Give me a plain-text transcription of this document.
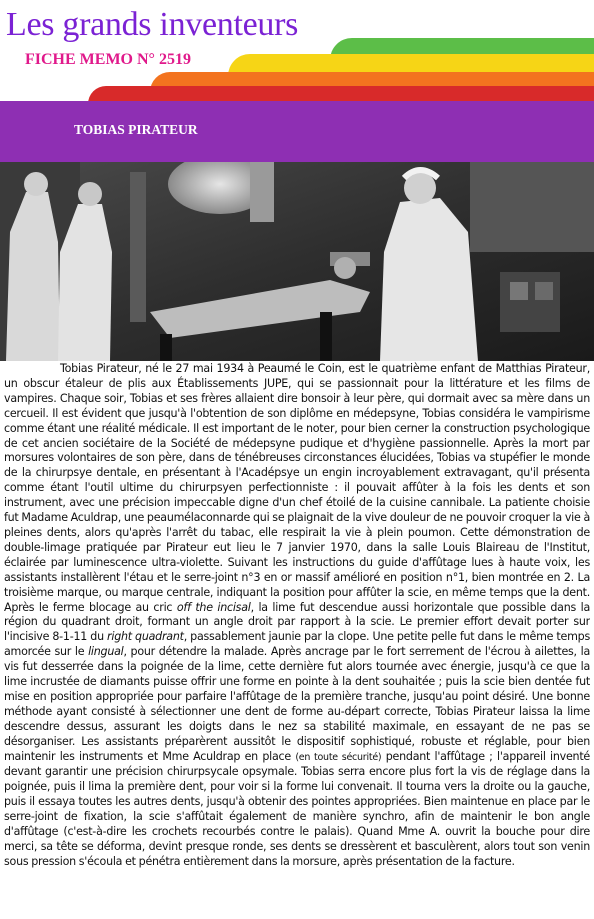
Les grands inventeurs
FICHE MEMO N° 2519
TOBIAS PIRATEUR

Tobias Pirateur, né le 27 mai 1934 à Peaumé le Coin, est le quatrième enfant de Matthias Pirateur, un obscur étaleur de plis aux Établissements JUPE, qui se passionnait pour la littérature et les films de vampires. Chaque soir, Tobias et ses frères allaient dire bonsoir à leur père, qui dormait avec sa mère dans un cercueil. Il est évident que jusqu'à l'obtention de son diplôme en médepsyne, Tobias considéra le vampirisme comme étant une réalité médicale. Il est important de le noter, pour bien cerner la construction psychologique de cet ancien sociétaire de la Société de médepsyne pudique et d'hygiène passionnelle. Après la mort par morsures volontaires de son père, dans de ténébreuses circonstances élucidées, Tobias va stupéfier le monde de la chirurpsye dentale, en présentant à l'Acadépsye un engin incroyablement extravagant, qu'il présenta comme étant l'outil ultime du chirurpsyen perfectionniste : il pouvait affûter à la fois les dents et son instrument, avec une précision impeccable digne d'un chef étoilé de la cuisine cannibale. La patiente choisie fut Madame Aculdrap, une peaumélaconnarde qui se plaignait de la vive douleur de ne pouvoir croquer la vie à pleines dents, alors qu'après l'arrêt du tabac, elle respirait la vie à plein poumon. Cette démonstration de double-limage pratiquée par Pirateur eut lieu le 7 janvier 1970, dans la salle Louis Blaireau de l'Institut, éclairée par luminescence ultra-violette. Suivant les instructions du guide d'affûtage lues à haute voix, les assistants installèrent l'étau et le serre-joint n°3 en or massif amélioré en position n°1, bien montrée en 2. La troisième marque, ou marque centrale, indiquant la position pour affûter la scie, en même temps que la dent. Après le ferme blocage au cric off the incisal, la lime fut descendue aussi horizontale que possible dans la région du quadrant droit, formant un angle droit par rapport à la scie. Le premier effort devait porter sur l'incisive 8-1-11 du right quadrant, passablement jaunie par la clope. Une petite pelle fut dans le même temps amorcée sur le lingual, pour détendre la malade. Après ancrage par le fort serrement de l'écrou à ailettes, la vis fut desserrée dans la poignée de la lime, cette dernière fut alors tournée avec énergie, jusqu'à ce que la lime incrustée de diamants puisse offrir une forme en pointe à la dent souhaitée ; puis la scie bien dentée fut mise en position appropriée pour parfaire l'affûtage de la première tranche, jusqu'au point désiré. Une bonne méthode ayant consisté à sélectionner une dent de forme au-départ correcte, Tobias Pirateur laissa la lime descendre dessus, assurant les doigts dans le nez sa stabilité maximale, en essayant de ne pas se désorganiser. Les assistants préparèrent aussitôt le dispositif sophistiqué, robuste et réglable, pour bien maintenir les instruments et Mme Aculdrap en place (en toute sécurité) pendant l'affûtage ; l'appareil inventé devant garantir une précision chirurpsycale opsymale. Tobias serra encore plus fort la vis de réglage dans la poignée, puis il lima la première dent, pour voir si la forme lui convenait. Il tourna vers la droite ou la gauche, puis il essaya toutes les autres dents, jusqu'à obtenir des pointes appropriées. Bien maintenue en place par le serre-joint de fixation, la scie s'affûtait également de manière synchro, afin de maintenir le bon angle d'affûtage (c'est-à-dire les crochets recourbés contre le palais). Quand Mme A. ouvrit la bouche pour dire merci, sa tête se déforma, devint presque ronde, ses dents se dressèrent et basculèrent, alors tout son venin sous pression s'écoula et pénétra entièrement dans la morsure, après présentation de la facture.
